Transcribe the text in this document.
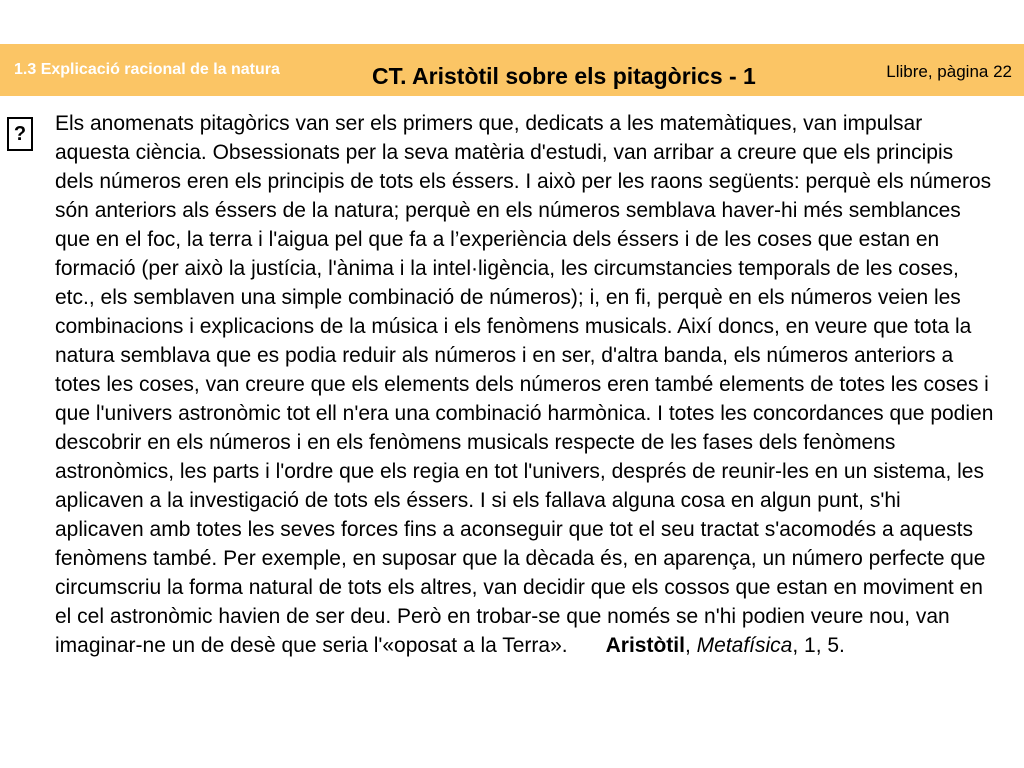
1.3 Explicació racional de la natura	CT. Aristòtil sobre els pitagòrics - 1	Llibre, pàgina 22
?	Els anomenats pitagòrics van ser els primers que, dedicats a les matemàtiques, van impulsar aquesta ciència. Obsessionats per la seva matèria d'estudi, van arribar a creure que els principis dels números eren els principis de tots els éssers. I això per les raons següents: perquè els números són anteriors als éssers de la natura; perquè en els números semblava haver-hi més semblances que en el foc, la terra i l'aigua pel que fa a l’experiència dels éssers i de les coses que estan en formació (per això la justícia, l'ànima i la intel·ligència, les circumstancies temporals de les coses, etc., els semblaven una simple combinació de números); i, en fi, perquè en els números veien les combinacions i explicacions de la música i els fenòmens musicals. Així doncs, en veure que tota la natura semblava que es podia reduir als números i en ser, d'altra banda, els números anteriors a totes les coses, van creure que els elements dels números eren també elements de totes les coses i que l'univers astronòmic tot ell n'era una combinació harmònica. I totes les concordances que podien descobrir en els números i en els fenòmens musicals respecte de les fases dels fenòmens astronòmics, les parts i l'ordre que els regia en tot l'univers, després de reunir-les en un sistema, les aplicaven a la investigació de tots els éssers. I si els fallava alguna cosa en algun punt, s'hi aplicaven amb totes les seves forces fins a aconseguir que tot el seu tractat s'acomodés a aquests fenòmens també. Per exemple, en suposar que la dècada és, en aparença, un número perfecte que circumscriu la forma natural de tots els altres, van decidir que els cossos que estan en moviment en el cel astronòmic havien de ser deu. Però en trobar-se que només se n'hi podien veure nou, van imaginar-ne un de desè que seria l'«oposat a la Terra». Aristòtil, Metafísica, 1, 5.
